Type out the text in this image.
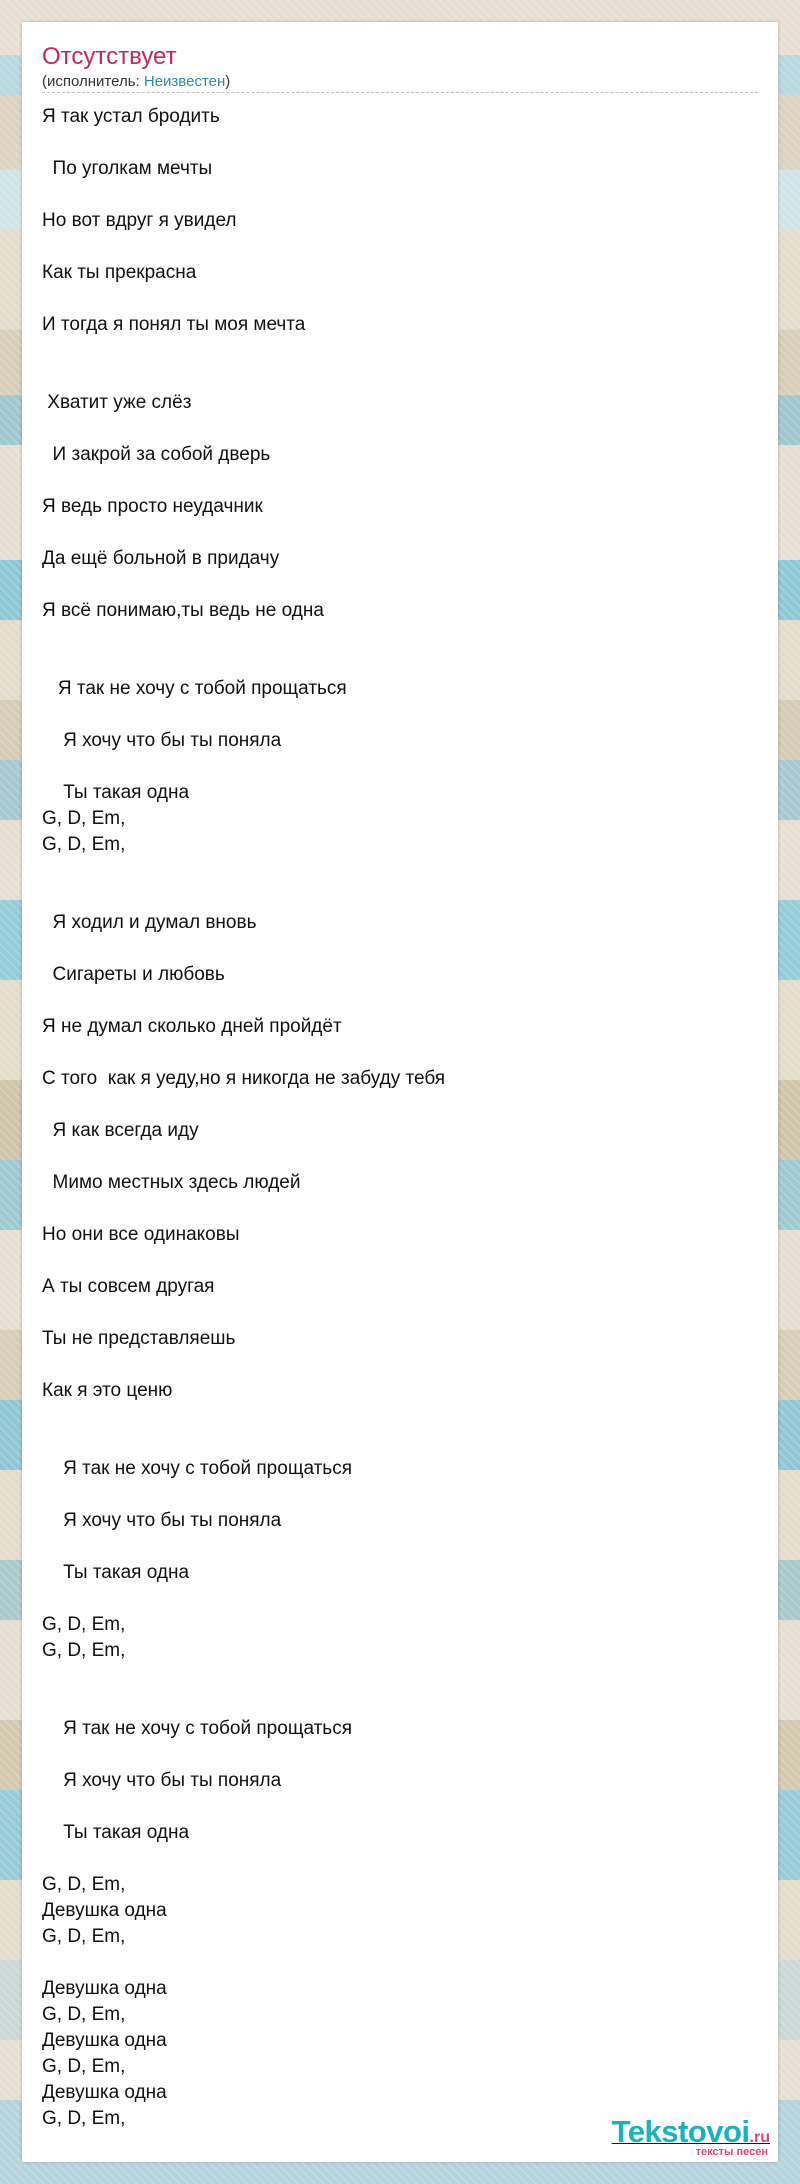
Отсутствует
(исполнитель: Неизвестен)
Я так устал бродить

По уголкам мечты

Но вот вдруг я увидел

Как ты прекрасна

И тогда я понял ты моя мечта

Хватит уже слёз

И закрой за собой дверь

Я ведь просто неудачник

Да ещё больной в придачу

Я всё понимаю,ты ведь не одна

Я так не хочу с тобой прощаться

Я хочу что бы ты поняла

Ты такая одна
G, D, Em,
G, D, Em,

Я ходил и думал вновь

Сигареты и любовь

Я не думал сколько дней пройдёт

С того  как я уеду,но я никогда не забуду тебя

Я как всегда иду

Мимо местных здесь людей

Но они все одинаковы

А ты совсем другая

Ты не представляешь

Как я это ценю

Я так не хочу с тобой прощаться

Я хочу что бы ты поняла

Ты такая одна

G, D, Em,
G, D, Em,

Я так не хочу с тобой прощаться

Я хочу что бы ты поняла

Ты такая одна

G, D, Em,
Девушка одна
G, D, Em,

Девушка одна
G, D, Em,
Девушка одна
G, D, Em,
Девушка одна
G, D, Em,	Tekstovoi.ru
тексты песен
